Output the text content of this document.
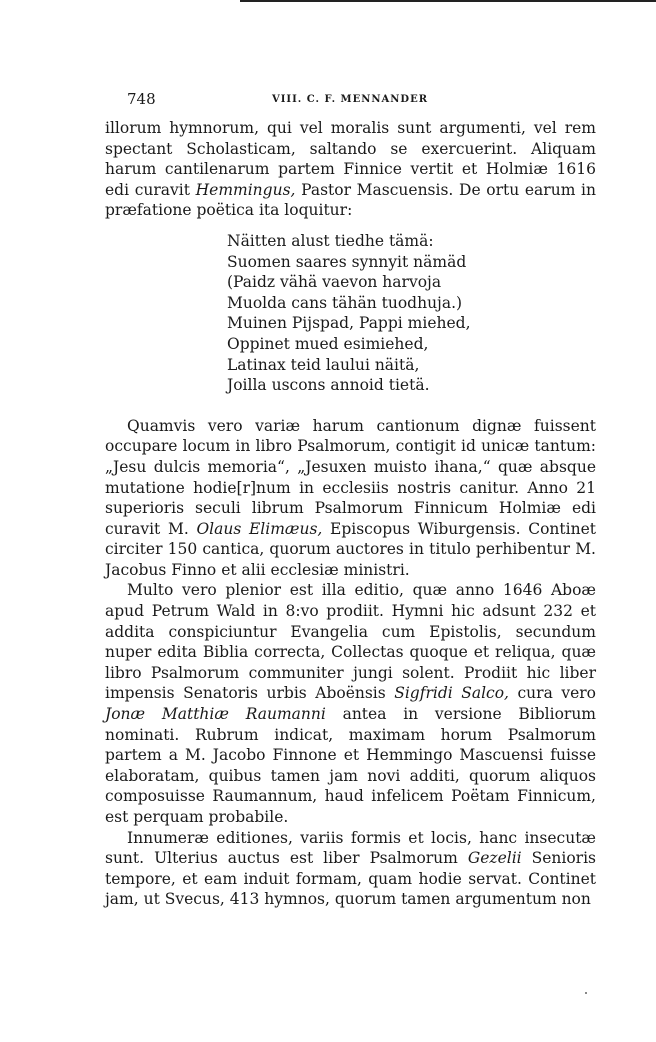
748	VIII. C. F. MENNANDER

illorum hymnorum, qui vel moralis sunt argumenti, vel rem spectant Scholasticam, saltando se exercuerint. Aliquam harum cantilenarum partem Finnice vertit et Holmiæ 1616 edi curavit Hemmingus, Pastor Mascuensis. De ortu earum in præfatione poëtica ita loquitur:

Näitten alust tiedhe tämä:
Suomen saares synnyit nämäd
(Paidz vähä vaevon harvoja
Muolda cans tähän tuodhuja.)
Muinen Pijspad, Pappi miehed,
Oppinet mued esimiehed,
Latinax teid laului näitä,
Joilla uscons annoid tietä.

Quamvis vero variæ harum cantionum dignæ fuissent occupare locum in libro Psalmorum, contigit id unicæ tantum: „Jesu dulcis memoria“, „Jesuxen muisto ihana,“ quæ absque mutatione hodie[r]num in ecclesiis nostris canitur. Anno 21 superioris seculi librum Psalmorum Finnicum Holmiæ edi curavit M. Olaus Elimæus, Episcopus Wiburgensis. Continet circiter 150 cantica, quorum auctores in titulo perhibentur M. Jacobus Finno et alii ecclesiæ ministri.

Multo vero plenior est illa editio, quæ anno 1646 Aboæ apud Petrum Wald in 8:vo prodiit. Hymni hic adsunt 232 et addita conspiciuntur Evangelia cum Epistolis, secundum nuper edita Biblia correcta, Collectas quoque et reliqua, quæ libro Psalmorum communiter jungi solent. Prodiit hic liber impensis Senatoris urbis Aboënsis Sigfridi Salco, cura vero Jonæ Matthiæ Raumanni antea in versione Bibliorum nominati. Rubrum indicat, maximam horum Psalmorum partem a M. Jacobo Finnone et Hemmingo Mascuensi fuisse elaboratam, quibus tamen jam novi additi, quorum aliquos composuisse Raumannum, haud infelicem Poëtam Finnicum, est perquam probabile.

Innumeræ editiones, variis formis et locis, hanc insecutæ sunt. Ulterius auctus est liber Psalmorum Gezelii Senioris tempore, et eam induit formam, quam hodie servat. Continet jam, ut Svecus, 413 hymnos, quorum tamen argumentum non
